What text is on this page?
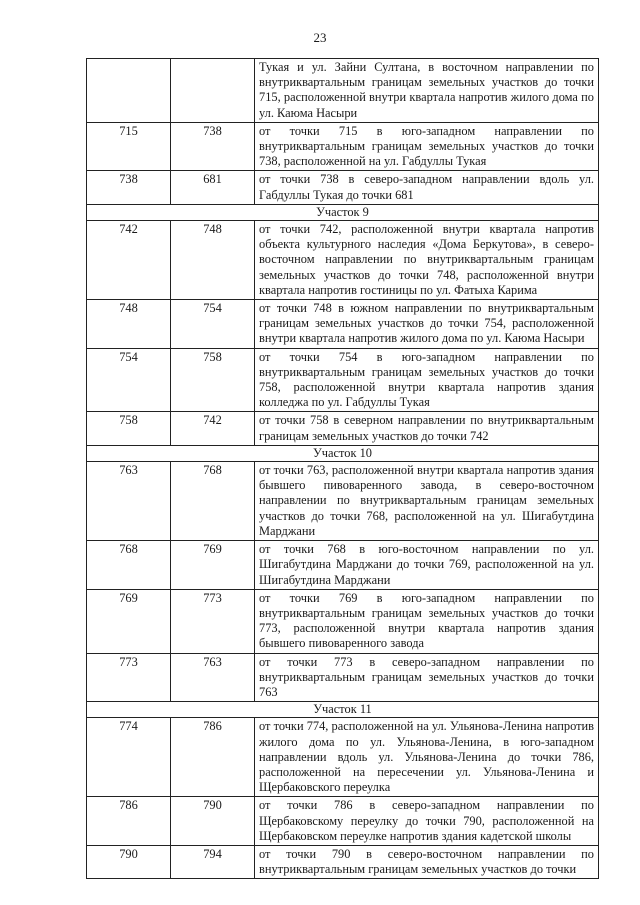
23
		Тукая и ул. Зайни Султана, в восточном направлении по внутриквартальным границам земельных участков до точки 715, расположенной внутри квартала напротив жилого дома по ул. Каюма Насыри
715	738	от точки 715 в юго-западном направлении по внутриквартальным границам земельных участков до точки 738, расположенной на ул. Габдуллы Тукая
738	681	от точки 738 в северо-западном направлении вдоль ул. Габдуллы Тукая до точки 681
Участок 9		
742	748	от точки 742, расположенной внутри квартала напротив объекта культурного наследия «Дома Беркутова», в северо-восточном направлении по внутриквартальным границам земельных участков до точки 748, расположенной внутри квартала напротив гостиницы по ул. Фатыха Карима
748	754	от точки 748 в южном направлении по внутриквартальным границам земельных участков до точки 754, расположенной внутри квартала напротив жилого дома по ул. Каюма Насыри
754	758	от точки 754 в юго-западном направлении по внутриквартальным границам земельных участков до точки 758, расположенной внутри квартала напротив здания колледжа по ул. Габдуллы Тукая
758	742	от точки 758 в северном направлении по внутриквартальным границам земельных участков до точки 742
Участок 10		
763	768	от точки 763, расположенной внутри квартала напротив здания бывшего пивоваренного завода, в северо-восточном направлении по внутриквартальным границам земельных участков до точки 768, расположенной на ул. Шигабутдина Марджани
768	769	от точки 768 в юго-восточном направлении по ул. Шигабутдина Марджани до точки 769, расположенной на ул. Шигабутдина Марджани
769	773	от точки 769 в юго-западном направлении по внутриквартальным границам земельных участков до точки 773, расположенной внутри квартала напротив здания бывшего пивоваренного завода
773	763	от точки 773 в северо-западном направлении по внутриквартальным границам земельных участков до точки 763
Участок 11		
774	786	от точки 774, расположенной на ул. Ульянова-Ленина напротив жилого дома по ул. Ульянова-Ленина, в юго-западном направлении вдоль ул. Ульянова-Ленина до точки 786, расположенной на пересечении ул. Ульянова-Ленина и Щербаковского переулка
786	790	от точки 786 в северо-западном направлении по Щербаковскому переулку до точки 790, расположенной на Щербаковском переулке напротив здания кадетской школы
790	794	от точки 790 в северо-восточном направлении по внутриквартальным границам земельных участков до точки
